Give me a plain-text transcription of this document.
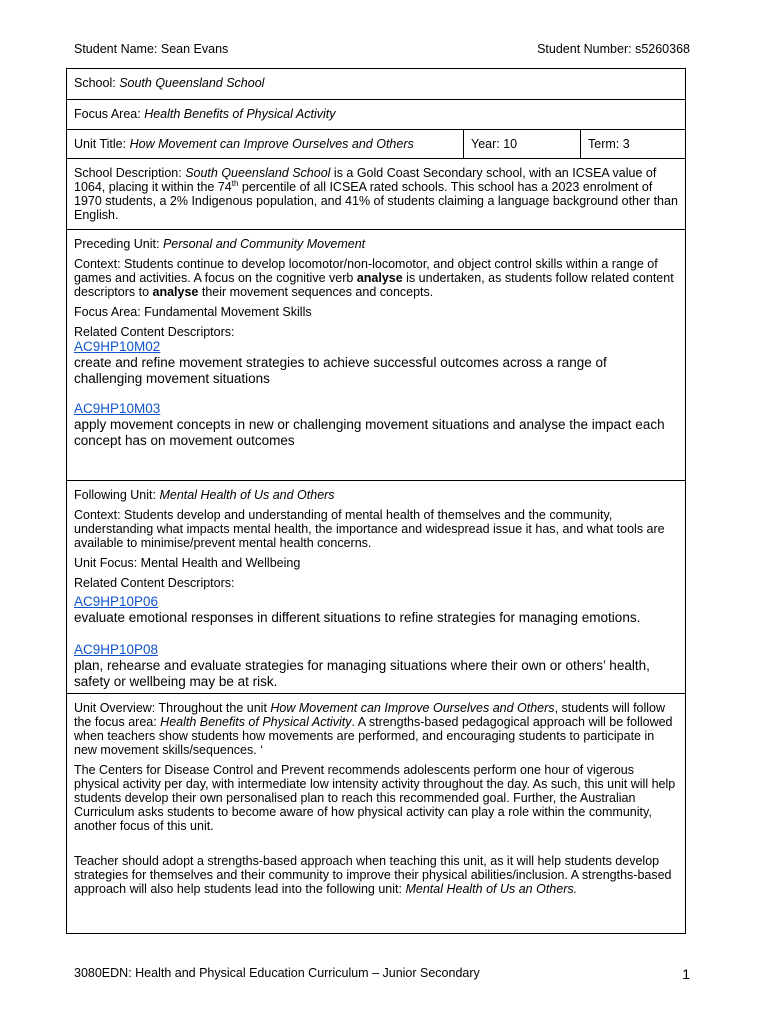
Student Name: Sean Evans	Student Number: s5260368
School: South Queensland School
Focus Area: Health Benefits of Physical Activity
Unit Title: How Movement can Improve Ourselves and Others	Year: 10	Term: 3

School Description: South Queensland School is a Gold Coast Secondary school, with an ICSEA value of 1064, placing it within the 74th percentile of all ICSEA rated schools. This school has a 2023 enrolment of 1970 students, a 2% Indigenous population, and 41% of students claiming a language background other than English.

Preceding Unit: Personal and Community Movement

Context: Students continue to develop locomotor/non-locomotor, and object control skills within a range of games and activities. A focus on the cognitive verb analyse is undertaken, as students follow related content descriptors to analyse their movement sequences and concepts.

Focus Area: Fundamental Movement Skills

Related Content Descriptors:

AC9HP10M02

create and refine movement strategies to achieve successful outcomes across a range of challenging movement situations

AC9HP10M03

apply movement concepts in new or challenging movement situations and analyse the impact each concept has on movement outcomes

Following Unit: Mental Health of Us and Others

Context: Students develop and understanding of mental health of themselves and the community, understanding what impacts mental health, the importance and widespread issue it has, and what tools are available to minimise/prevent mental health concerns.

Unit Focus: Mental Health and Wellbeing

Related Content Descriptors:

AC9HP10P06

evaluate emotional responses in different situations to refine strategies for managing emotions.

AC9HP10P08

plan, rehearse and evaluate strategies for managing situations where their own or others’ health, safety or wellbeing may be at risk.

Unit Overview: Throughout the unit How Movement can Improve Ourselves and Others, students will follow the focus area: Health Benefits of Physical Activity. A strengths-based pedagogical approach will be followed when teachers show students how movements are performed, and encouraging students to participate in new movement skills/sequences. ‘

The Centers for Disease Control and Prevent recommends adolescents perform one hour of vigerous physical activity per day, with intermediate low intensity activity throughout the day. As such, this unit will help students develop their own personalised plan to reach this recommended goal. Further, the Australian Curriculum asks students to become aware of how physical activity can play a role within the community, another focus of this unit.

Teacher should adopt a strengths-based approach when teaching this unit, as it will help students develop strategies for themselves and their community to improve their physical abilities/inclusion. A strengths-based approach will also help students lead into the following unit: Mental Health of Us an Others.

3080EDN: Health and Physical Education Curriculum – Junior Secondary	1
